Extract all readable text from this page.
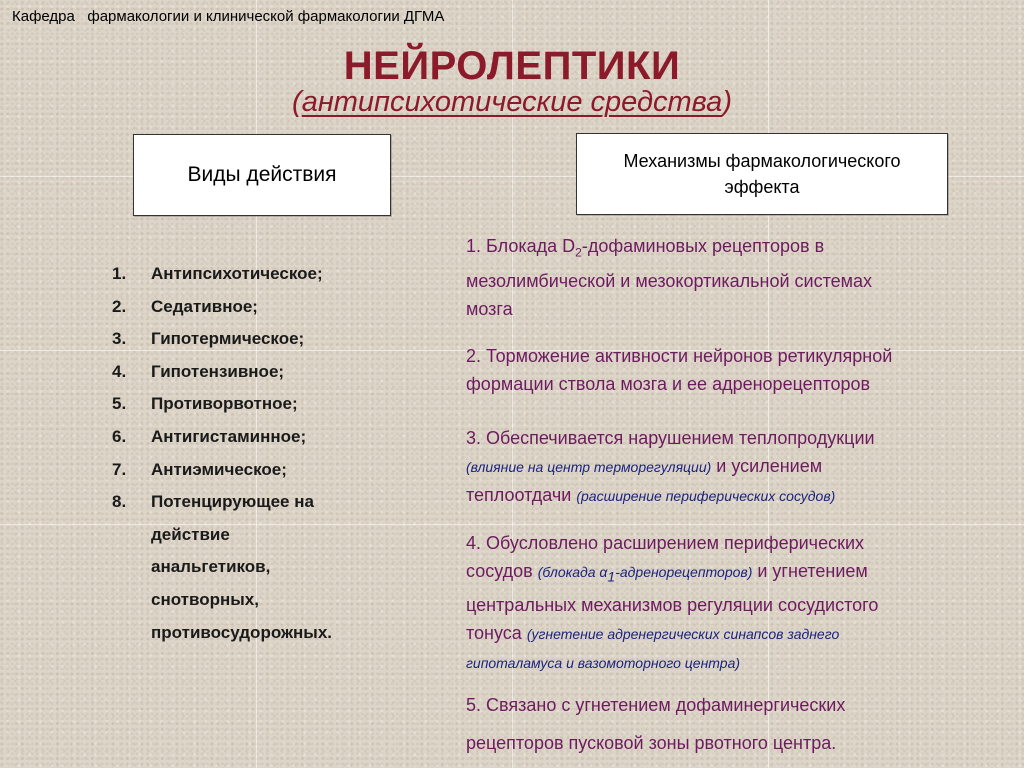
Кафедра   фармакологии и клинической фармакологии ДГМА
НЕЙРОЛЕПТИКИ
(антипсихотические средства)
Виды действия
Механизмы фармакологического
эффекта
1.	Антипсихотическое;
2.	Седативное;
3.	Гипотермическое;
4.	Гипотензивное;
5.	Противорвотное;
6.	Антигистаминное;
7.	Антиэмическое;
8.	Потенцирующее на
действие
анальгетиков,
снотворных,
противосудорожных.
1. Блокада $D_2$-дофаминовых рецепторов в
мезолимбической и мезокортикальной системах
мозга
2. Торможение активности нейронов ретикулярной
формации ствола мозга и ее адренорецепторов
3. Обеспечивается нарушением теплопродукции
(влияние на центр терморегуляции) и усилением
теплоотдачи (расширение периферических сосудов)
4. Обусловлено расширением периферических
сосудов (блокада $\alpha_1-адренорецепторов$) и угнетением
центральных механизмов регуляции сосудистого
тонуса (угнетение адренергических синапсов заднего
гипоталамуса и вазомоторного центра)
5. Связано с угнетением дофаминергических
рецепторов пусковой зоны рвотного центра.
